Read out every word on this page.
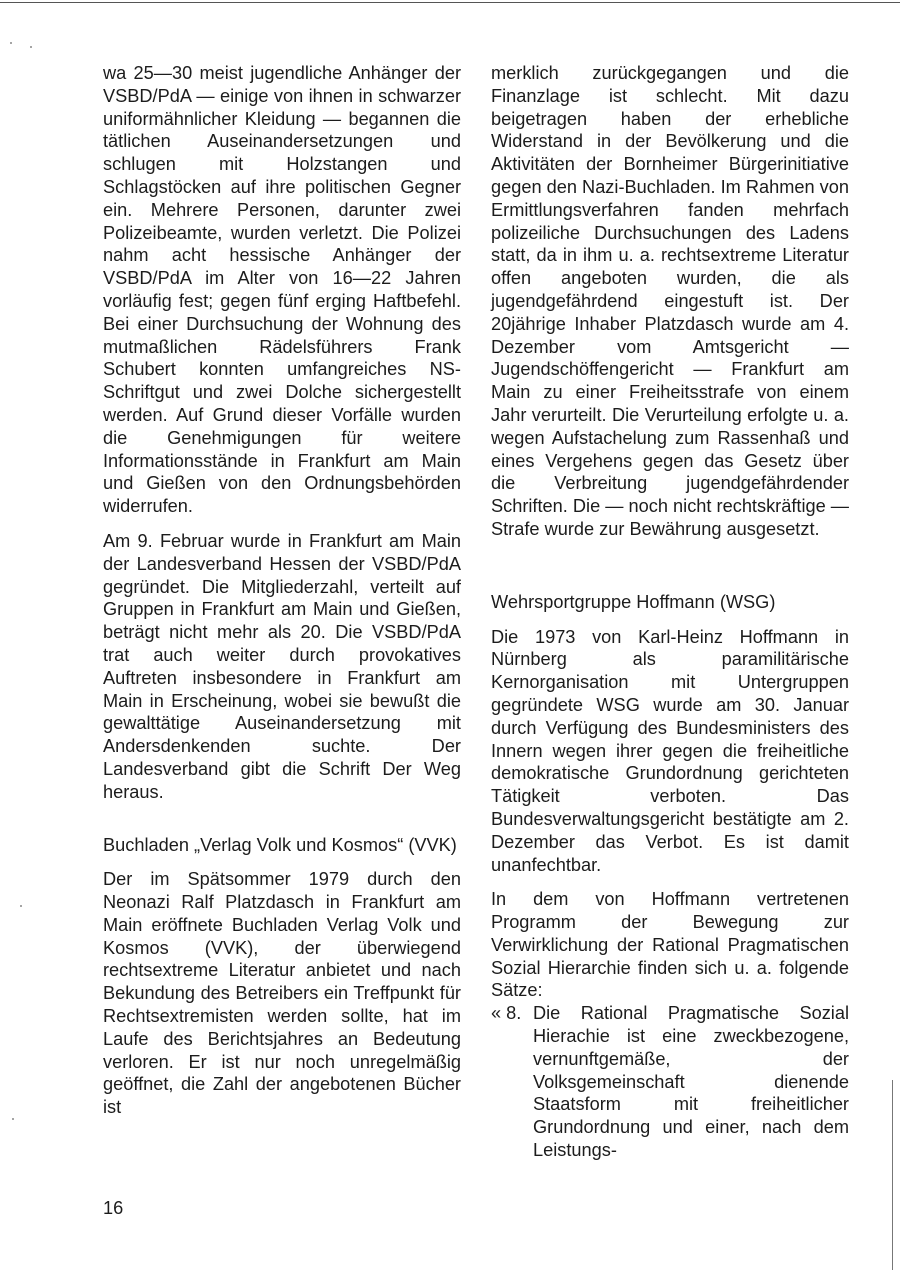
wa 25—30 meist jugendliche Anhänger der VSBD/PdA — einige von ihnen in schwarzer uniformähnlicher Kleidung — begannen die tätlichen Auseinandersetzungen und schlugen mit Holzstangen und Schlagstöcken auf ihre politischen Gegner ein. Mehrere Personen, darunter zwei Polizeibeamte, wurden verletzt. Die Polizei nahm acht hessische Anhänger der VSBD/PdA im Alter von 16—22 Jahren vorläufig fest; gegen fünf erging Haftbefehl. Bei einer Durchsuchung der Wohnung des mutmaßlichen Rädelsführers Frank Schubert konnten umfangreiches NS-Schriftgut und zwei Dolche sichergestellt werden. Auf Grund dieser Vorfälle wurden die Genehmigungen für weitere Informationsstände in Frankfurt am Main und Gießen von den Ordnungsbehörden widerrufen.

Am 9. Februar wurde in Frankfurt am Main der Landesverband Hessen der VSBD/PdA gegründet. Die Mitgliederzahl, verteilt auf Gruppen in Frankfurt am Main und Gießen, beträgt nicht mehr als 20. Die VSBD/PdA trat auch weiter durch provokatives Auftreten insbesondere in Frankfurt am Main in Erscheinung, wobei sie bewußt die gewalttätige Auseinandersetzung mit Andersdenkenden suchte. Der Landesverband gibt die Schrift Der Weg heraus.

Buchladen „Verlag Volk und Kosmos“ (VVK)

Der im Spätsommer 1979 durch den Neonazi Ralf Platzdasch in Frankfurt am Main eröffnete Buchladen Verlag Volk und Kosmos (VVK), der überwiegend rechtsextreme Literatur anbietet und nach Bekundung des Betreibers ein Treffpunkt für Rechtsextremisten werden sollte, hat im Laufe des Berichtsjahres an Bedeutung verloren. Er ist nur noch unregelmäßig geöffnet, die Zahl der angebotenen Bücher ist

merklich zurückgegangen und die Finanzlage ist schlecht. Mit dazu beigetragen haben der erhebliche Widerstand in der Bevölkerung und die Aktivitäten der Bornheimer Bürgerinitiative gegen den Nazi-Buchladen. Im Rahmen von Ermittlungsverfahren fanden mehrfach polizeiliche Durchsuchungen des Ladens statt, da in ihm u. a. rechtsextreme Literatur offen angeboten wurden, die als jugendgefährdend eingestuft ist. Der 20jährige Inhaber Platzdasch wurde am 4. Dezember vom Amtsgericht — Jugendschöffengericht — Frankfurt am Main zu einer Freiheitsstrafe von einem Jahr verurteilt. Die Verurteilung erfolgte u. a. wegen Aufstachelung zum Rassenhaß und eines Vergehens gegen das Gesetz über die Verbreitung jugendgefährdender Schriften. Die — noch nicht rechtskräftige — Strafe wurde zur Bewährung ausgesetzt.

Wehrsportgruppe Hoffmann (WSG)

Die 1973 von Karl-Heinz Hoffmann in Nürnberg als paramilitärische Kernorganisation mit Untergruppen gegründete WSG wurde am 30. Januar durch Verfügung des Bundesministers des Innern wegen ihrer gegen die freiheitliche demokratische Grundordnung gerichteten Tätigkeit verboten. Das Bundesverwaltungsgericht bestätigte am 2. Dezember das Verbot. Es ist damit unanfechtbar.

In dem von Hoffmann vertretenen Programm der Bewegung zur Verwirklichung der Rational Pragmatischen Sozial Hierarchie finden sich u. a. folgende Sätze:

« 8. Die Rational Pragmatische Sozial Hierachie ist eine zweckbezogene, vernunftgemäße, der Volksgemeinschaft dienende Staatsform mit freiheitlicher Grundordnung und einer, nach dem Leistungs-
16
